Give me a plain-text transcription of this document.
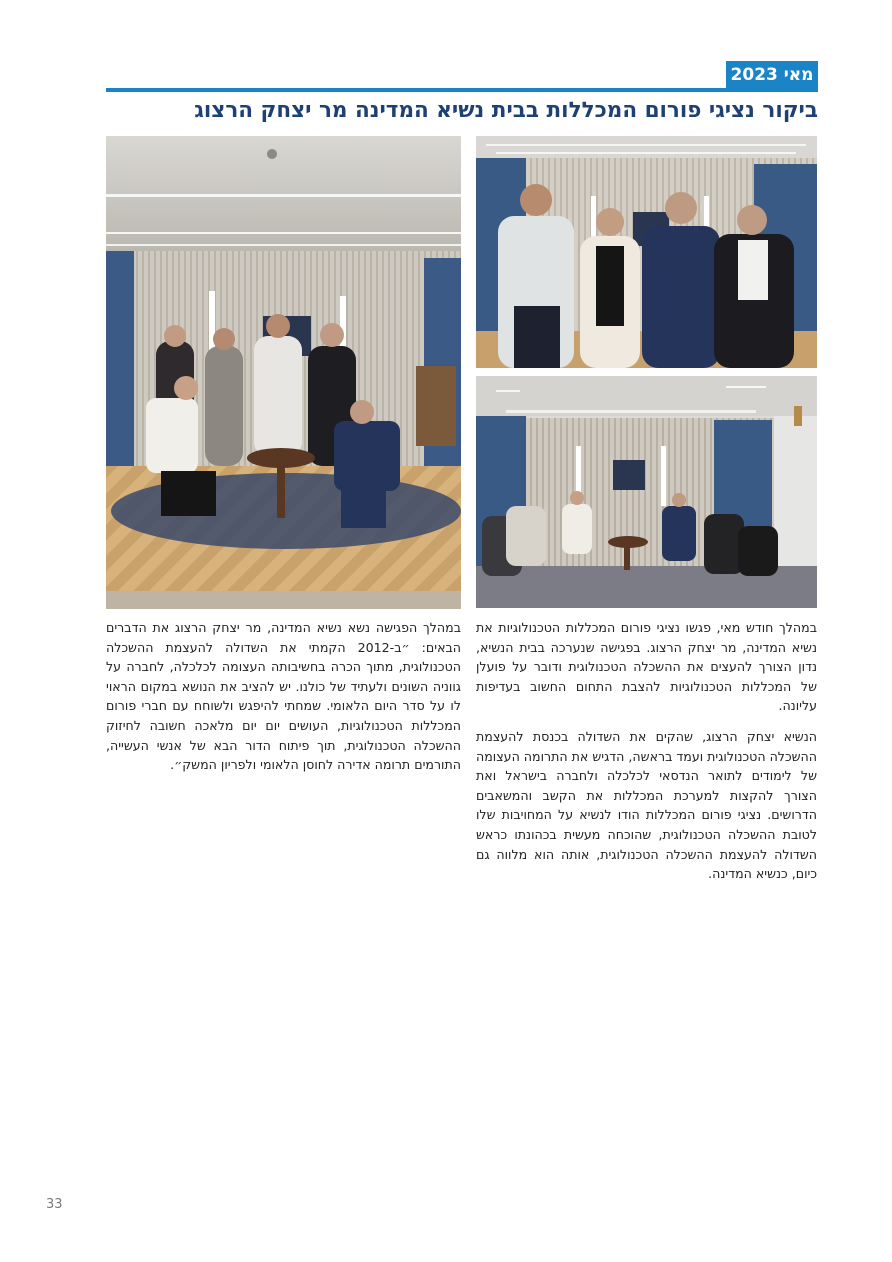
מאי 2023
ביקור נציגי פורום המכללות בבית נשיא המדינה מר יצחק הרצוג

במהלך חודש מאי, פגשו נציגי פורום המכללות הטכנולוגיות את נשיא המדינה, מר יצחק הרצוג. בפגישה שנערכה בבית הנשיא, נדון הצורך להעצים את ההשכלה הטכנולוגית ודובר על פועלן של המכללות הטכנולוגיות להצבת התחום החשוב בעדיפות עליונה.

הנשיא יצחק הרצוג, שהקים את השדולה בכנסת להעצמת ההשכלה הטכנולוגית ועמד בראשה, הדגיש את התרומה העצומה של לימודים לתואר הנדסאי לכלכלה ולחברה בישראל ואת הצורך להקצות למערכת המכללות את הקשב והמשאבים הדרושים. נציגי פורום המכללות הודו לנשיא על המחויבות שלו לטובת ההשכלה הטכנולוגית, שהוכחה מעשית בכהונתו כראש השדולה להעצמת ההשכלה הטכנולוגית, אותה הוא מלווה גם כיום, כנשיא המדינה.

במהלך הפגישה נשא נשיא המדינה, מר יצחק הרצוג את הדברים הבאים: ״ב-2012 הקמתי את השדולה להעצמת ההשכלה הטכנולוגית, מתוך הכרה בחשיבותה העצומה לכלכלה, לחברה על גווניה השונים ולעתיד של כולנו. יש להציב את הנושא במקום הראוי לו על סדר היום הלאומי. שמחתי להיפגש ולשוחח עם חברי פורום המכללות הטכנולוגיות, העושים יום יום מלאכה חשובה לחיזוק ההשכלה הטכנולוגית, תוך פיתוח הדור הבא של אנשי העשייה, התורמים תרומה אדירה לחוסן הלאומי ולפריון המשק״.

33
